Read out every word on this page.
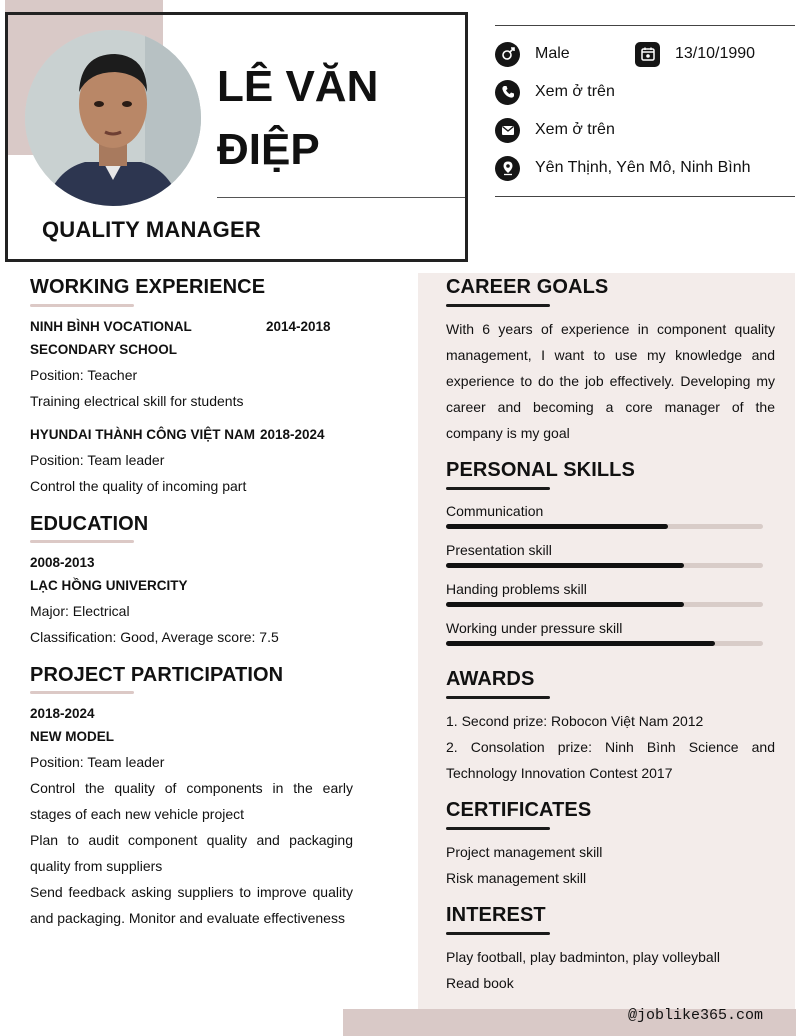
LÊ VĂN
ĐIỆP
QUALITY MANAGER
Male	13/10/1990
Xem ở trên
Xem ở trên
Yên Thịnh, Yên Mô, Ninh Bình
WORKING EXPERIENCE
NINH BÌNH VOCATIONAL	2014-2018
SECONDARY SCHOOL
Position: Teacher
Training electrical skill for students
HYUNDAI THÀNH CÔNG VIỆT NAM 2018-2024
Position: Team leader
Control the quality of incoming part
EDUCATION
2008-2013
LẠC HỒNG UNIVERCITY
Major: Electrical
Classification: Good, Average score: 7.5
PROJECT PARTICIPATION
2018-2024
NEW MODEL
Position: Team leader
Control the quality of components in the early stages of each new vehicle project
Plan to audit component quality and packaging quality from suppliers
Send feedback asking suppliers to improve quality and packaging. Monitor and evaluate effectiveness
CAREER GOALS
With 6 years of experience in component quality management, I want to use my knowledge and experience to do the job effectively. Developing my career and becoming a core manager of the company is my goal
PERSONAL SKILLS
Communication
Presentation skill
Handing problems skill
Working under pressure skill
AWARDS
1. Second prize: Robocon Việt Nam 2012
2. Consolation prize: Ninh Bình Science and Technology Innovation Contest 2017
CERTIFICATES
Project management skill
Risk management skill
INTEREST
Play football, play badminton, play volleyball
Read book
@joblike365.com
